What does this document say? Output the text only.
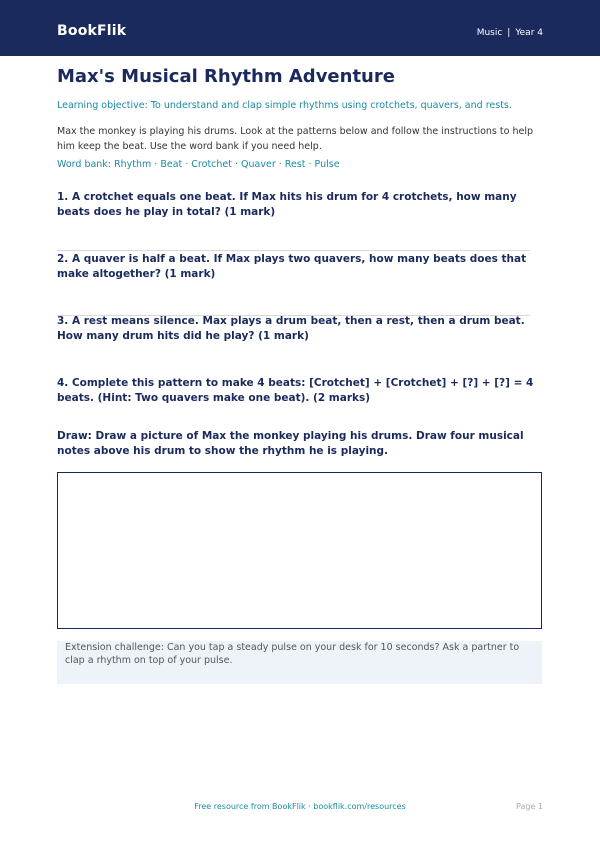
BookFlik	Music | Year 4
Max's Musical Rhythm Adventure
Learning objective: To understand and clap simple rhythms using crotchets, quavers, and rests.
Max the monkey is playing his drums. Look at the patterns below and follow the instructions to help him keep the beat. Use the word bank if you need help.
Word bank: Rhythm · Beat · Crotchet · Quaver · Rest · Pulse
1. A crotchet equals one beat. If Max hits his drum for 4 crotchets, how many beats does he play in total? (1 mark)
2. A quaver is half a beat. If Max plays two quavers, how many beats does that make altogether? (1 mark)
3. A rest means silence. Max plays a drum beat, then a rest, then a drum beat. How many drum hits did he play? (1 mark)
4. Complete this pattern to make 4 beats: [Crotchet] + [Crotchet] + [?] + [?] = 4 beats. (Hint: Two quavers make one beat). (2 marks)
Draw: Draw a picture of Max the monkey playing his drums. Draw four musical notes above his drum to show the rhythm he is playing.
Extension challenge: Can you tap a steady pulse on your desk for 10 seconds? Ask a partner to clap a rhythm on top of your pulse.
Free resource from BookFlik · bookflik.com/resources	Page 1
